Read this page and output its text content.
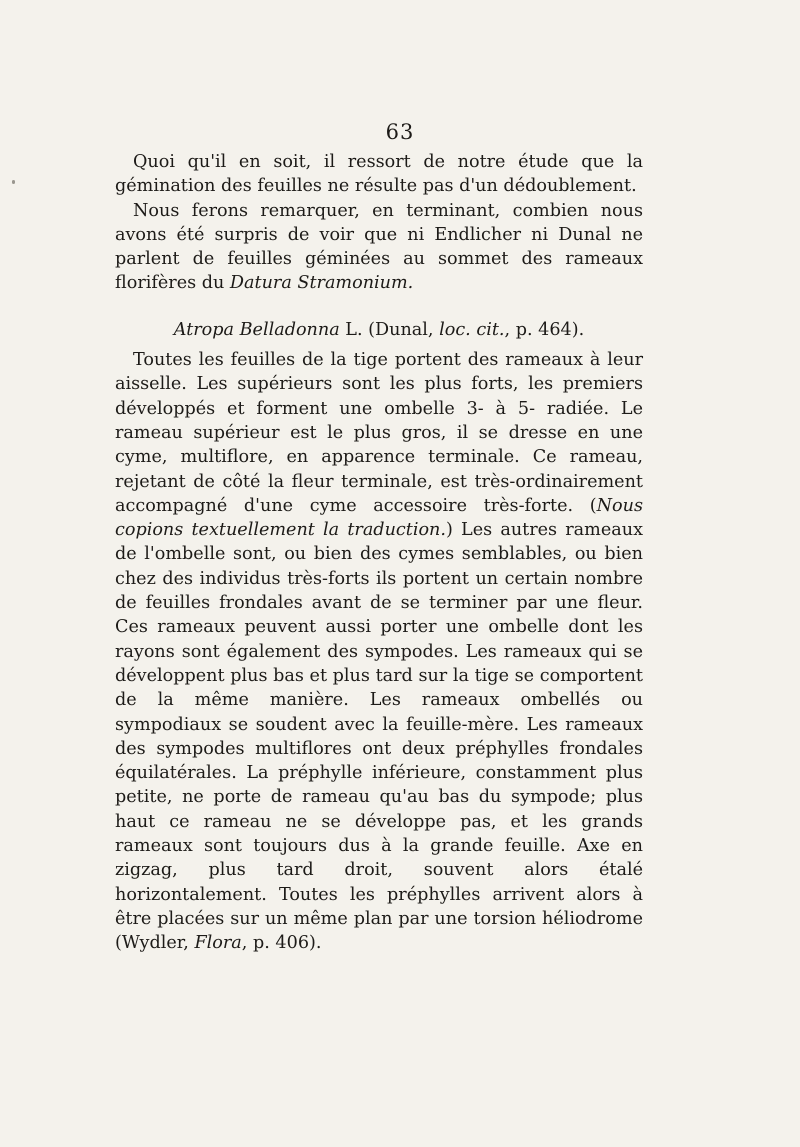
63

Quoi qu'il en soit, il ressort de notre étude que la gémination des feuilles ne résulte pas d'un dédoublement.

Nous ferons remarquer, en terminant, combien nous avons été surpris de voir que ni Endlicher ni Dunal ne parlent de feuilles géminées au sommet des rameaux florifères du Datura Stramonium.

Atropa Belladonna L. (Dunal, loc. cit., p. 464).

Toutes les feuilles de la tige portent des rameaux à leur aisselle. Les supérieurs sont les plus forts, les premiers développés et forment une ombelle 3- à 5- radiée. Le rameau supérieur est le plus gros, il se dresse en une cyme, multiflore, en apparence terminale. Ce rameau, rejetant de côté la fleur terminale, est très-ordinairement accompagné d'une cyme accessoire très-forte. (Nous copions textuellement la traduction.) Les autres rameaux de l'ombelle sont, ou bien des cymes semblables, ou bien chez des individus très-forts ils portent un certain nombre de feuilles frondales avant de se terminer par une fleur. Ces rameaux peuvent aussi porter une ombelle dont les rayons sont également des sympodes. Les rameaux qui se développent plus bas et plus tard sur la tige se comportent de la même manière. Les rameaux ombellés ou sympodiaux se soudent avec la feuille-mère. Les rameaux des sympodes multiflores ont deux préphylles frondales équilatérales. La préphylle inférieure, constamment plus petite, ne porte de rameau qu'au bas du sympode; plus haut ce rameau ne se développe pas, et les grands rameaux sont toujours dus à la grande feuille. Axe en zigzag, plus tard droit, souvent alors étalé horizontalement. Toutes les préphylles arrivent alors à être placées sur un même plan par une torsion héliodrome (Wydler, Flora, p. 406).
